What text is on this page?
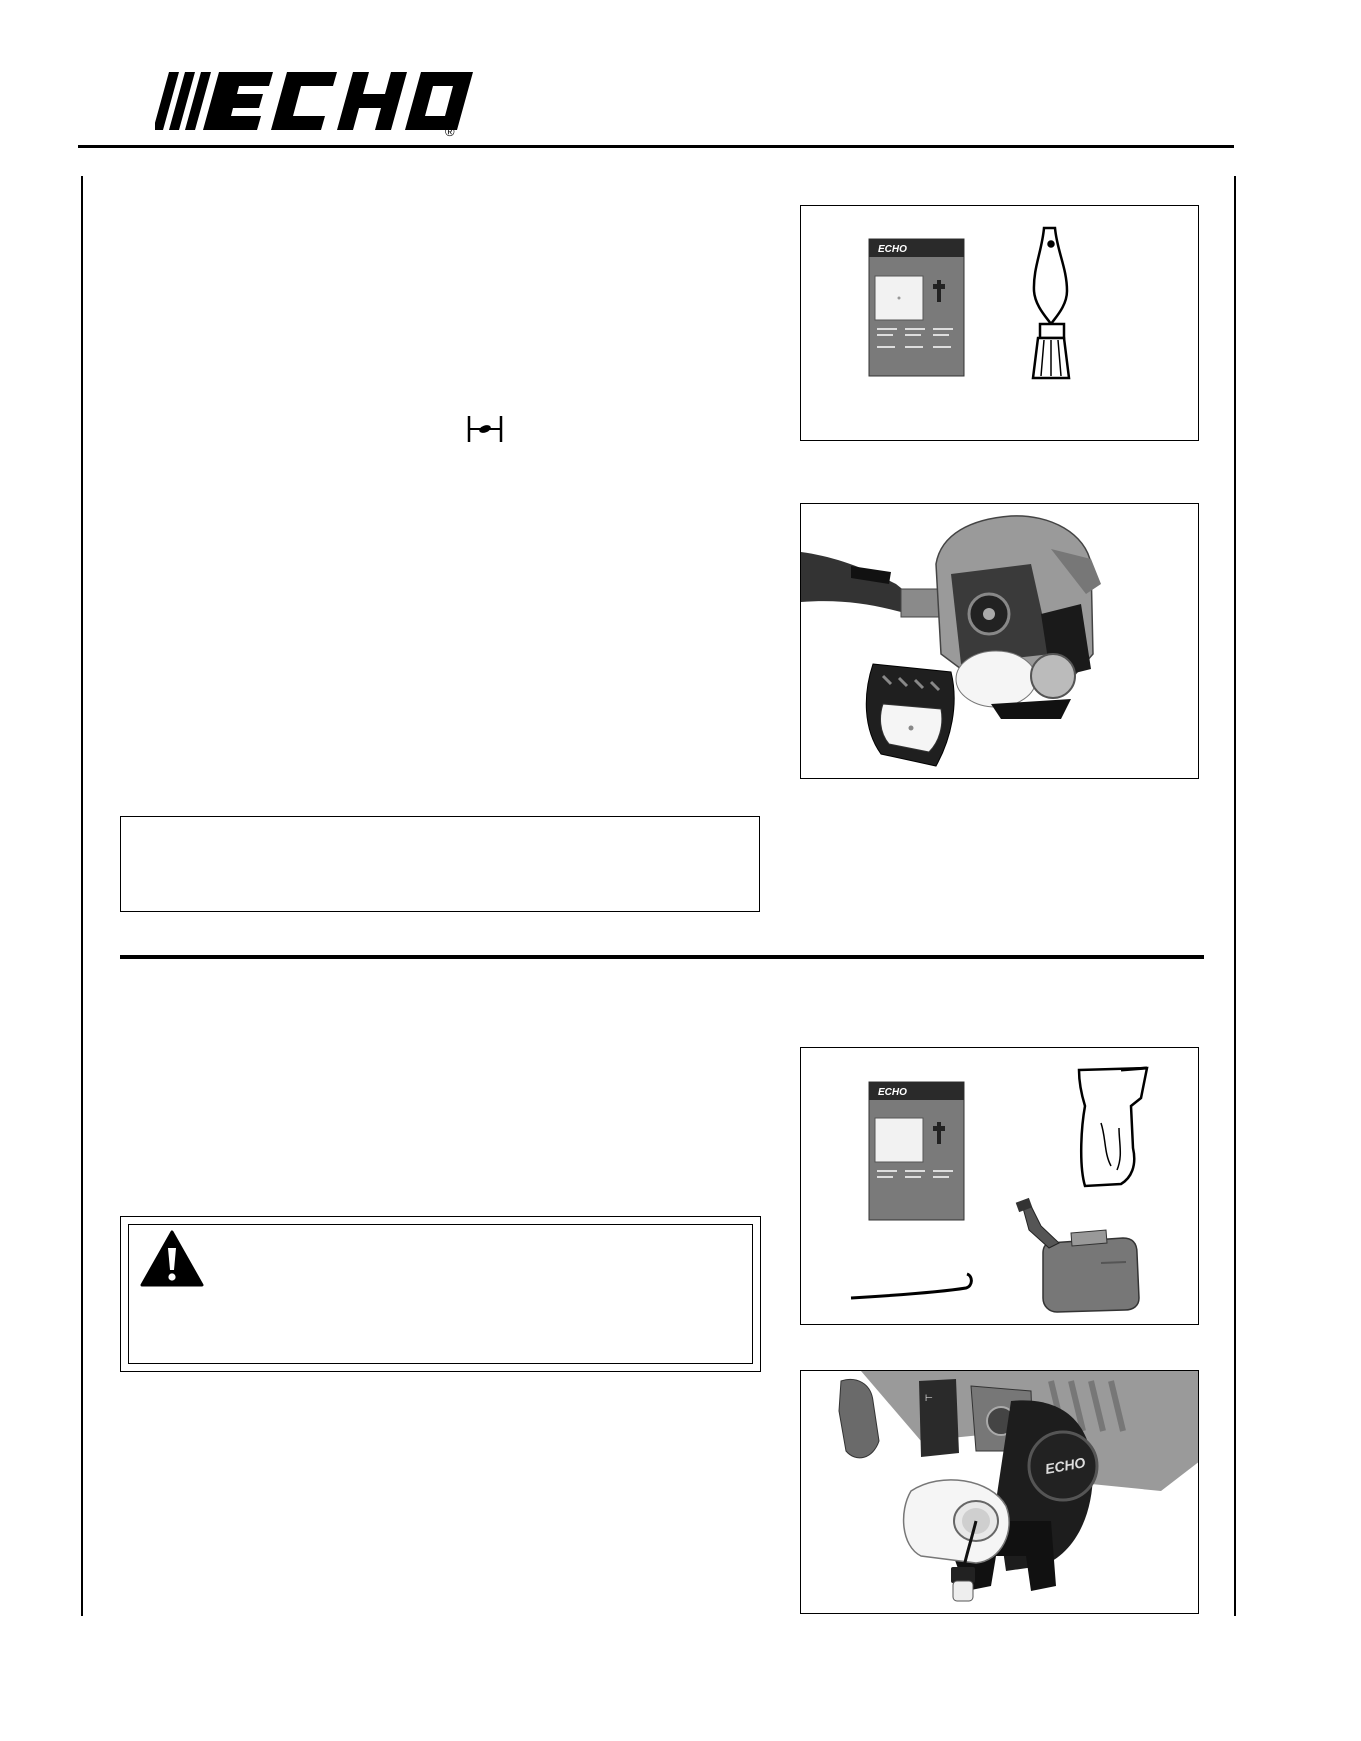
®
ECHO
ECHO
⊢
ECHO
